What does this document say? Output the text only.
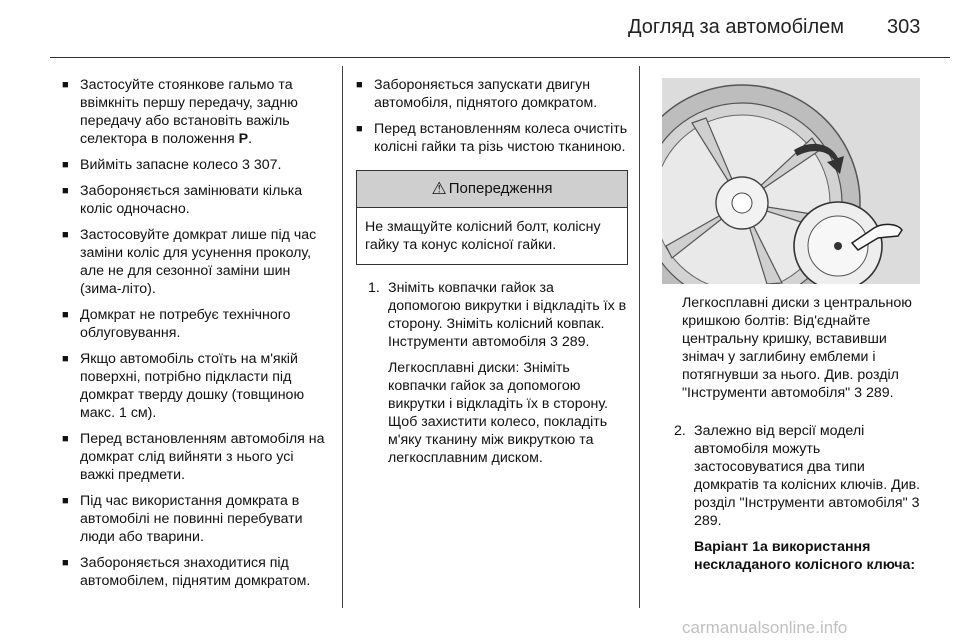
Догляд за автомобілем 303
■ Застосуйте стоянкове гальмо та ввімкніть першу передачу, задню передачу або встановіть важіль селектора в положення P.
■ Вийміть запасне колесо 3 307.
■ Забороняється замінювати кілька коліс одночасно.
■ Застосовуйте домкрат лише під час заміни коліс для усунення проколу, але не для сезонної заміни шин (зима-літо).
■ Домкрат не потребує технічного облуговування.
■ Якщо автомобіль стоїть на м'якій поверхні, потрібно підкласти під домкрат тверду дошку (товщиною макс. 1 см).
■ Перед встановленням автомобіля на домкрат слід вийняти з нього усі важкі предмети.
■ Під час використання домкрата в автомобілі не повинні перебувати люди або тварини.
■ Забороняється знаходитися під автомобілем, піднятим домкратом.
■ Забороняється запускати двигун автомобіля, піднятого домкратом.
■ Перед встановленням колеса очистіть колісні гайки та різь чистою тканиною.
⚠ Попередження
Не змащуйте колісний болт, колісну гайку та конус колісної гайки.
1. Зніміть ковпачки гайок за допомогою викрутки і відкладіть їх в сторону. Зніміть колісний ковпак. Інструменти автомобіля 3 289.

Легкосплавні диски: Зніміть ковпачки гайок за допомогою викрутки і відкладіть їх в сторону. Щоб захистити колесо, покладіть м'яку тканину між викруткою та легкосплавним диском.

Легкосплавні диски з центральною кришкою болтів: Від'єднайте центральну кришку, вставивши знімач у заглибину емблеми і потягнувши за нього. Див. розділ "Інструменти автомобіля" 3 289.

2. Залежно від версії моделі автомобіля можуть застосовуватися два типи домкратів та колісних ключів. Див. розділ "Інструменти автомобіля" 3 289.

Варіант 1а використання нескладаного колісного ключа:

carmanualsonline.info
